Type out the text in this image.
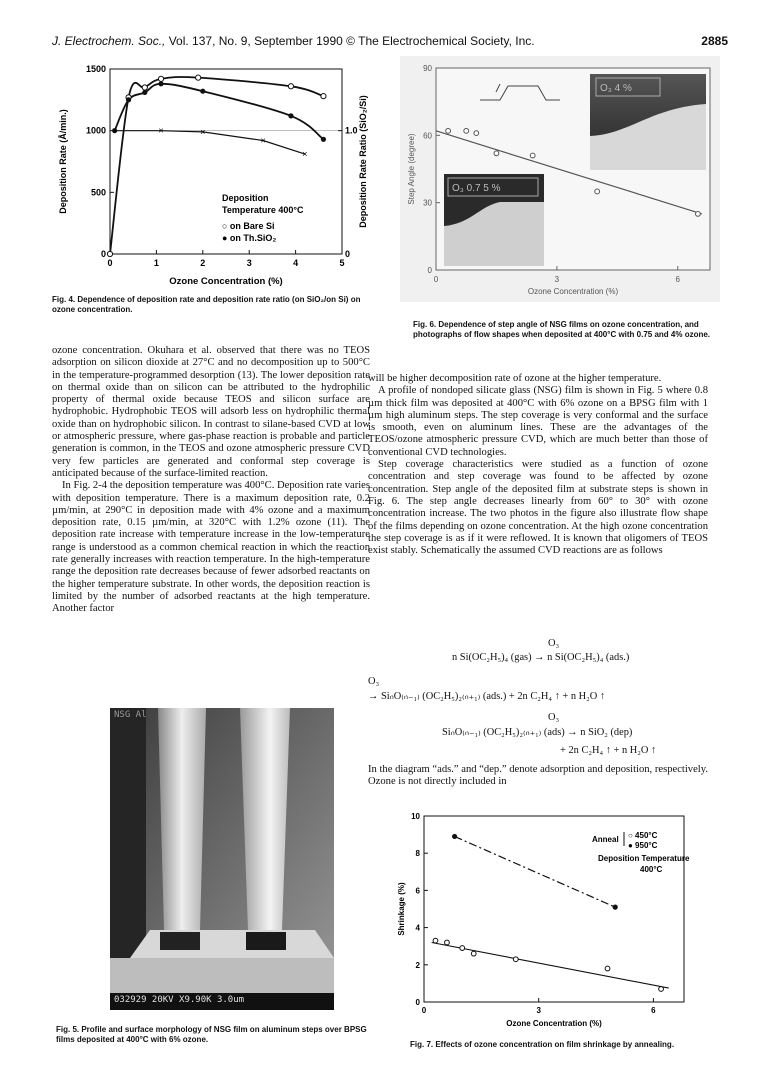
J. Electrochem. Soc., Vol. 137, No. 9, September 1990 © The Electrochemical Society, Inc.	2885
0	1	2	3	4	5
0
500
1000
1500
0
1.0
Ozone Concentration (%)
Deposition Rate (Å/min.)	Deposition Rate Ratio (SiO₂/Si)
×	×	×
×
×
Deposition
Temperature 400°C
○ on Bare Si
● on Th.SiO₂
Fig. 4. Dependence of deposition rate and deposition rate ratio (on SiO₂/on Si) on ozone concentration.
O₃ 4 %
O₃ 0.7 5 %
0	3	6
0
30
60
90
Ozone Concentration (%)
Step Angle (degree)
Fig. 6. Dependence of step angle of NSG films on ozone concentration, and photographs of flow shapes when deposited at 400°C with 0.75 and 4% ozone.

ozone concentration. Okuhara et al. observed that there was no TEOS adsorption on silicon dioxide at 27°C and no decomposition up to 500°C in the temperature-programmed desorption (13). The lower deposition rate on thermal oxide than on silicon can be attributed to the hydrophilic property of thermal oxide because TEOS and silicon surface are hydrophobic. Hydrophobic TEOS will adsorb less on hydrophilic thermal oxide than on hydrophobic silicon. In contrast to silane-based CVD at low or atmospheric pressure, where gas-phase reaction is probable and particle generation is common, in the TEOS and ozone atmospheric pressure CVD very few particles are generated and conformal step coverage is anticipated because of the surface-limited reaction.

In Fig. 2-4 the deposition temperature was 400°C. Deposition rate varies with deposition temperature. There is a maximum deposition rate, 0.2 µm/min, at 290°C in deposition made with 4% ozone and a maximum deposition rate, 0.15 µm/min, at 320°C with 1.2% ozone (11). The deposition rate increase with temperature increase in the low-temperature range is understood as a common chemical reaction in which the reaction rate generally increases with reaction temperature. In the high-temperature range the deposition rate decreases because of fewer adsorbed reactants on the higher temperature substrate. In other words, the deposition reaction is limited by the number of adsorbed reactants at the high temperature. Another factor

will be higher decomposition rate of ozone at the higher temperature.

A profile of nondoped silicate glass (NSG) film is shown in Fig. 5 where 0.8 µm thick film was deposited at 400°C with 6% ozone on a BPSG film with 1 µm high aluminum steps. The step coverage is very conformal and the surface is smooth, even on aluminum lines. These are the advantages of the TEOS/ozone atmospheric pressure CVD, which are much better than those of conventional CVD technologies.

Step coverage characteristics were studied as a function of ozone concentration and step coverage was found to be affected by ozone concentration. Step angle of the deposited film at substrate steps is shown in Fig. 6. The step angle decreases linearly from 60° to 30° with ozone concentration increase. The two photos in the figure also illustrate flow shape of the films depending on ozone concentration. At the high ozone concentration the step coverage is as if it were reflowed. It is known that oligomers of TEOS exist stably. Schematically the assumed CVD reactions are as follows

O₃
n Si(OC₂H₅)₄ (gas) → n Si(OC₂H₅)₄ (ads.)
O₃
→ SiₙO₍ₙ₋₁₎ (OC₂H₅)₂₍ₙ₊₁₎ (ads.) + 2n C₂H₄ ↑ + n H₂O ↑
O₃
SiₙO₍ₙ₋₁₎ (OC₂H₅)₂₍ₙ₊₁₎ (ads) → n SiO₂ (dep)
+ 2n C₂H₄ ↑ + n H₂O ↑

In the diagram “ads.” and “dep.” denote adsorption and deposition, respectively. Ozone is not directly included in

NSG Al
032929 20KV X9.90K 3.0um
Fig. 5. Profile and surface morphology of NSG film on aluminum steps over BPSG films deposited at 400°C with 6% ozone.
0	3	6
0
2
4
6
8
10
Ozone Concentration (%)
Shrinkage (%)
Anneal ○ 450°C
● 950°C
Deposition Temperature
400°C
Fig. 7. Effects of ozone concentration on film shrinkage by annealing.
